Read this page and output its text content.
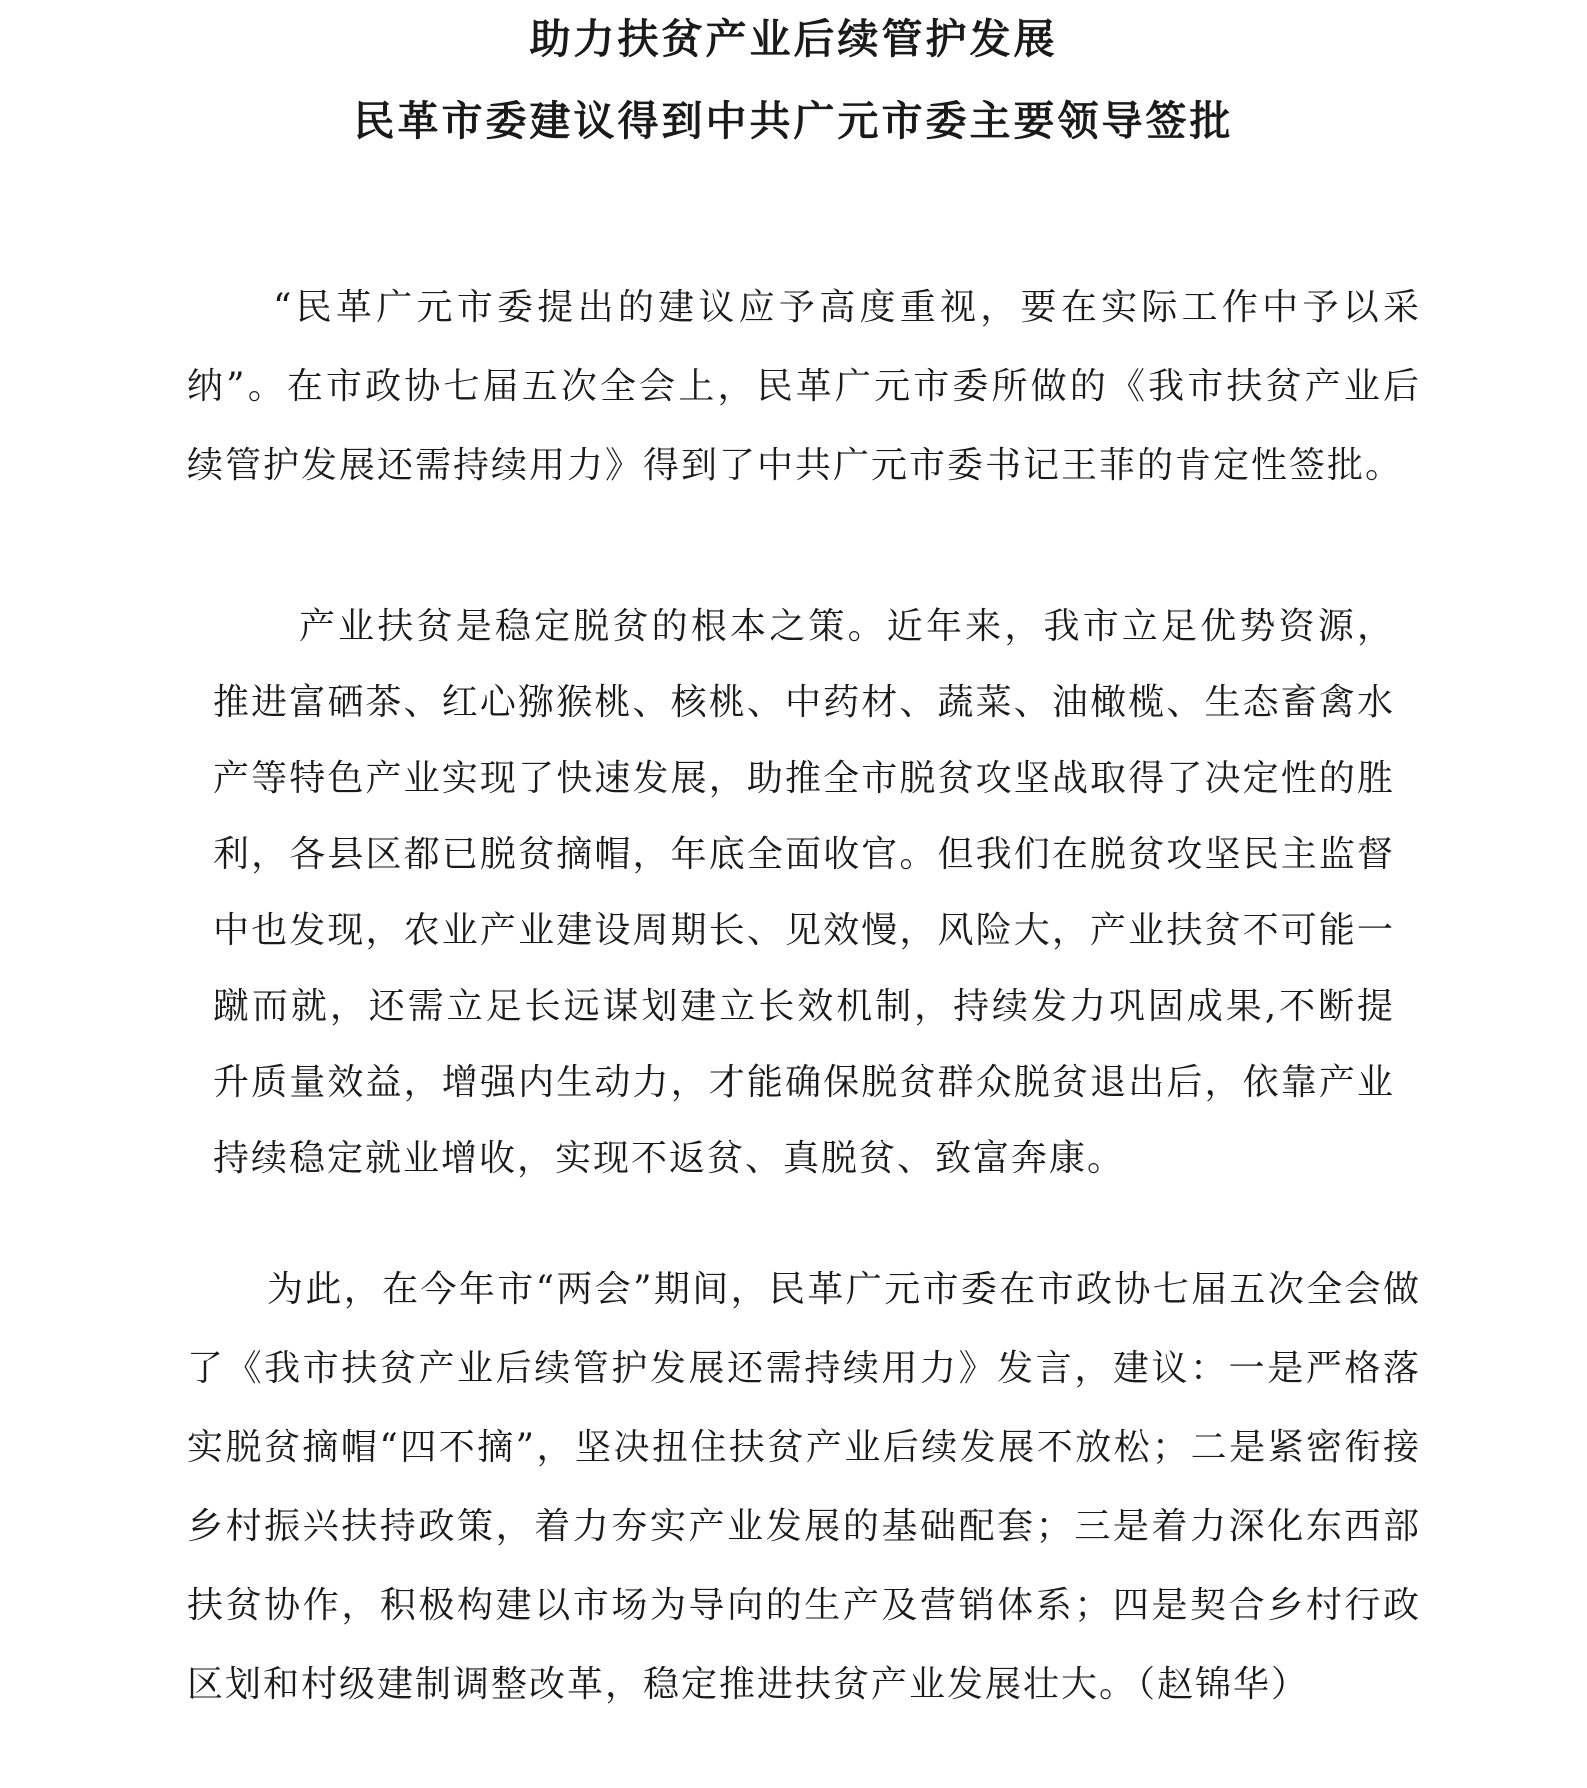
助力扶贫产业后续管护发展
民革市委建议得到中共广元市委主要领导签批

“民革广元市委提出的建议应予高度重视，要在实际工作中予以采纳”。在市政协七届五次全会上，民革广元市委所做的《我市扶贫产业后续管护发展还需持续用力》得到了中共广元市委书记王菲的肯定性签批。

产业扶贫是稳定脱贫的根本之策。近年来，我市立足优势资源，推进富硒茶、红心猕猴桃、核桃、中药材、蔬菜、油橄榄、生态畜禽水产等特色产业实现了快速发展，助推全市脱贫攻坚战取得了决定性的胜利，各县区都已脱贫摘帽，年底全面收官。但我们在脱贫攻坚民主监督中也发现，农业产业建设周期长、见效慢，风险大，产业扶贫不可能一蹴而就，还需立足长远谋划建立长效机制，持续发力巩固成果,不断提升质量效益，增强内生动力，才能确保脱贫群众脱贫退出后，依靠产业持续稳定就业增收，实现不返贫、真脱贫、致富奔康。

为此，在今年市“两会”期间，民革广元市委在市政协七届五次全会做了《我市扶贫产业后续管护发展还需持续用力》发言，建议：一是严格落实脱贫摘帽“四不摘”，坚决扭住扶贫产业后续发展不放松；二是紧密衔接乡村振兴扶持政策，着力夯实产业发展的基础配套；三是着力深化东西部扶贫协作，积极构建以市场为导向的生产及营销体系；四是契合乡村行政区划和村级建制调整改革，稳定推进扶贫产业发展壮大。（赵锦华）
